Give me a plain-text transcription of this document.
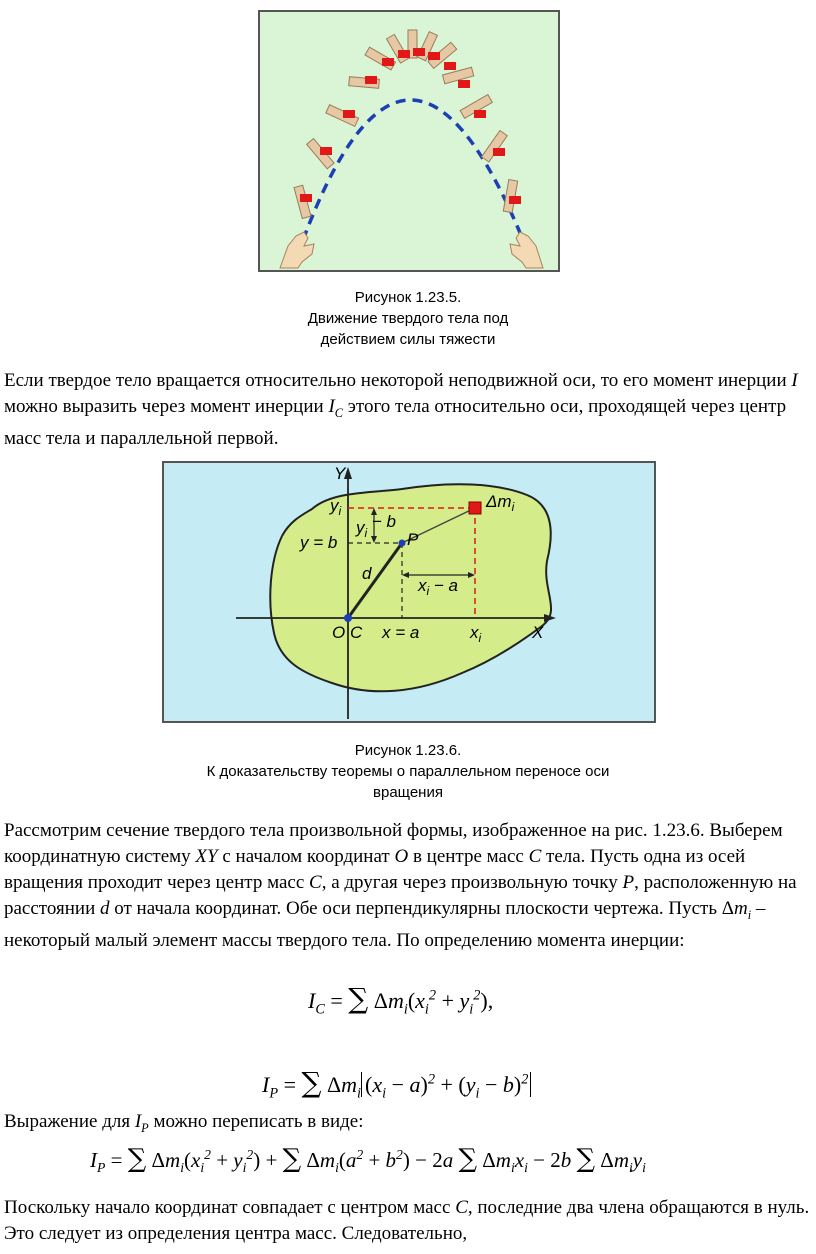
Рисунок 1.23.5.
Движение твердого тела под
действием силы тяжести

Если твердое тело вращается относительно некоторой неподвижной оси, то его момент инерции I можно выразить через момент инерции $I_C$ этого тела относительно оси, проходящей через центр масс тела и параллельной первой.

Y
X
$y_i$
y = b
$y_i - b$
P
d
$x_i - a$
O C x = a	$x_i$
$\Delta m_i$
Рисунок 1.23.6.
К доказательству теоремы о параллельном переносе оси
вращения

Рассмотрим сечение твердого тела произвольной формы, изображенное на рис. 1.23.6. Выберем координатную систему XY с началом координат O в центре масс C тела. Пусть одна из осей вращения проходит через центр масс C, а другая через произвольную точку P, расположенную на расстоянии d от начала координат. Обе оси перпендикулярны плоскости чертежа. Пусть $\Delta m_i$ – некоторый малый элемент массы твердого тела. По определению момента инерции:

$I_C$ = ∑ $\Delta m_i(x_i^2 + y_i^2)$,
$I_P$ = ∑ $\Delta m_i$ $(x_i - a)^2 + (y_i - b)^2$

Выражение для $I_P$ можно переписать в виде:

$I_P$ = ∑ $\Delta m_i(x_i^2 + y_i^2)$ + ∑ $\Delta m_i(a^2 + b^2) - 2a$ ∑ $\Delta m_ix_i - 2b$ ∑ $\Delta m_iy_i$

Поскольку начало координат совпадает с центром масс C, последние два члена обращаются в нуль. Это следует из определения центра масс. Следовательно,
